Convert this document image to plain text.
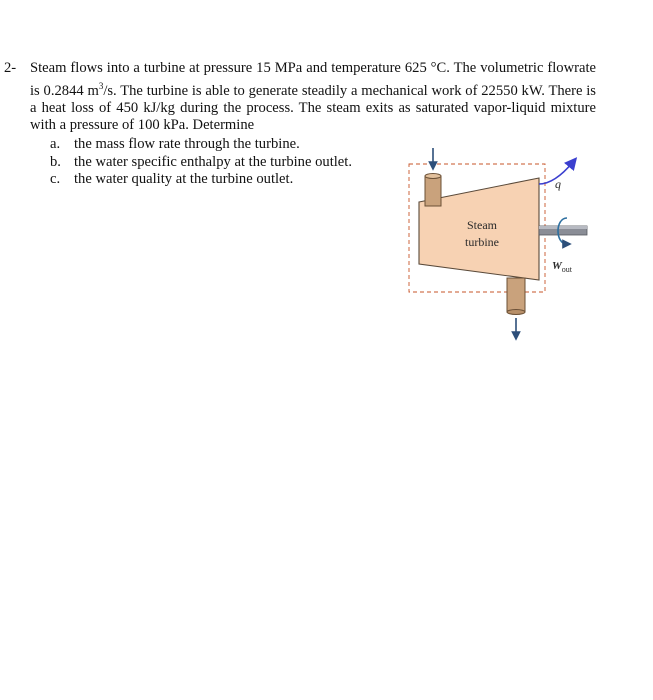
2- Steam flows into a turbine at pressure 15 MPa and temperature 625 °C. The volumetric flowrate is 0.2844 $m^3/s$. The turbine is able to generate steadily a mechanical work of 22550 kW. There is a heat loss of 450 kJ/kg during the process. The steam exits as saturated vapor-liquid mixture with a pressure of 100 kPa. Determine
a. the mass flow rate through the turbine.
b. the water specific enthalpy at the turbine outlet.
c. the water quality at the turbine outlet.
Steam
turbine
q
$W_{out}$
